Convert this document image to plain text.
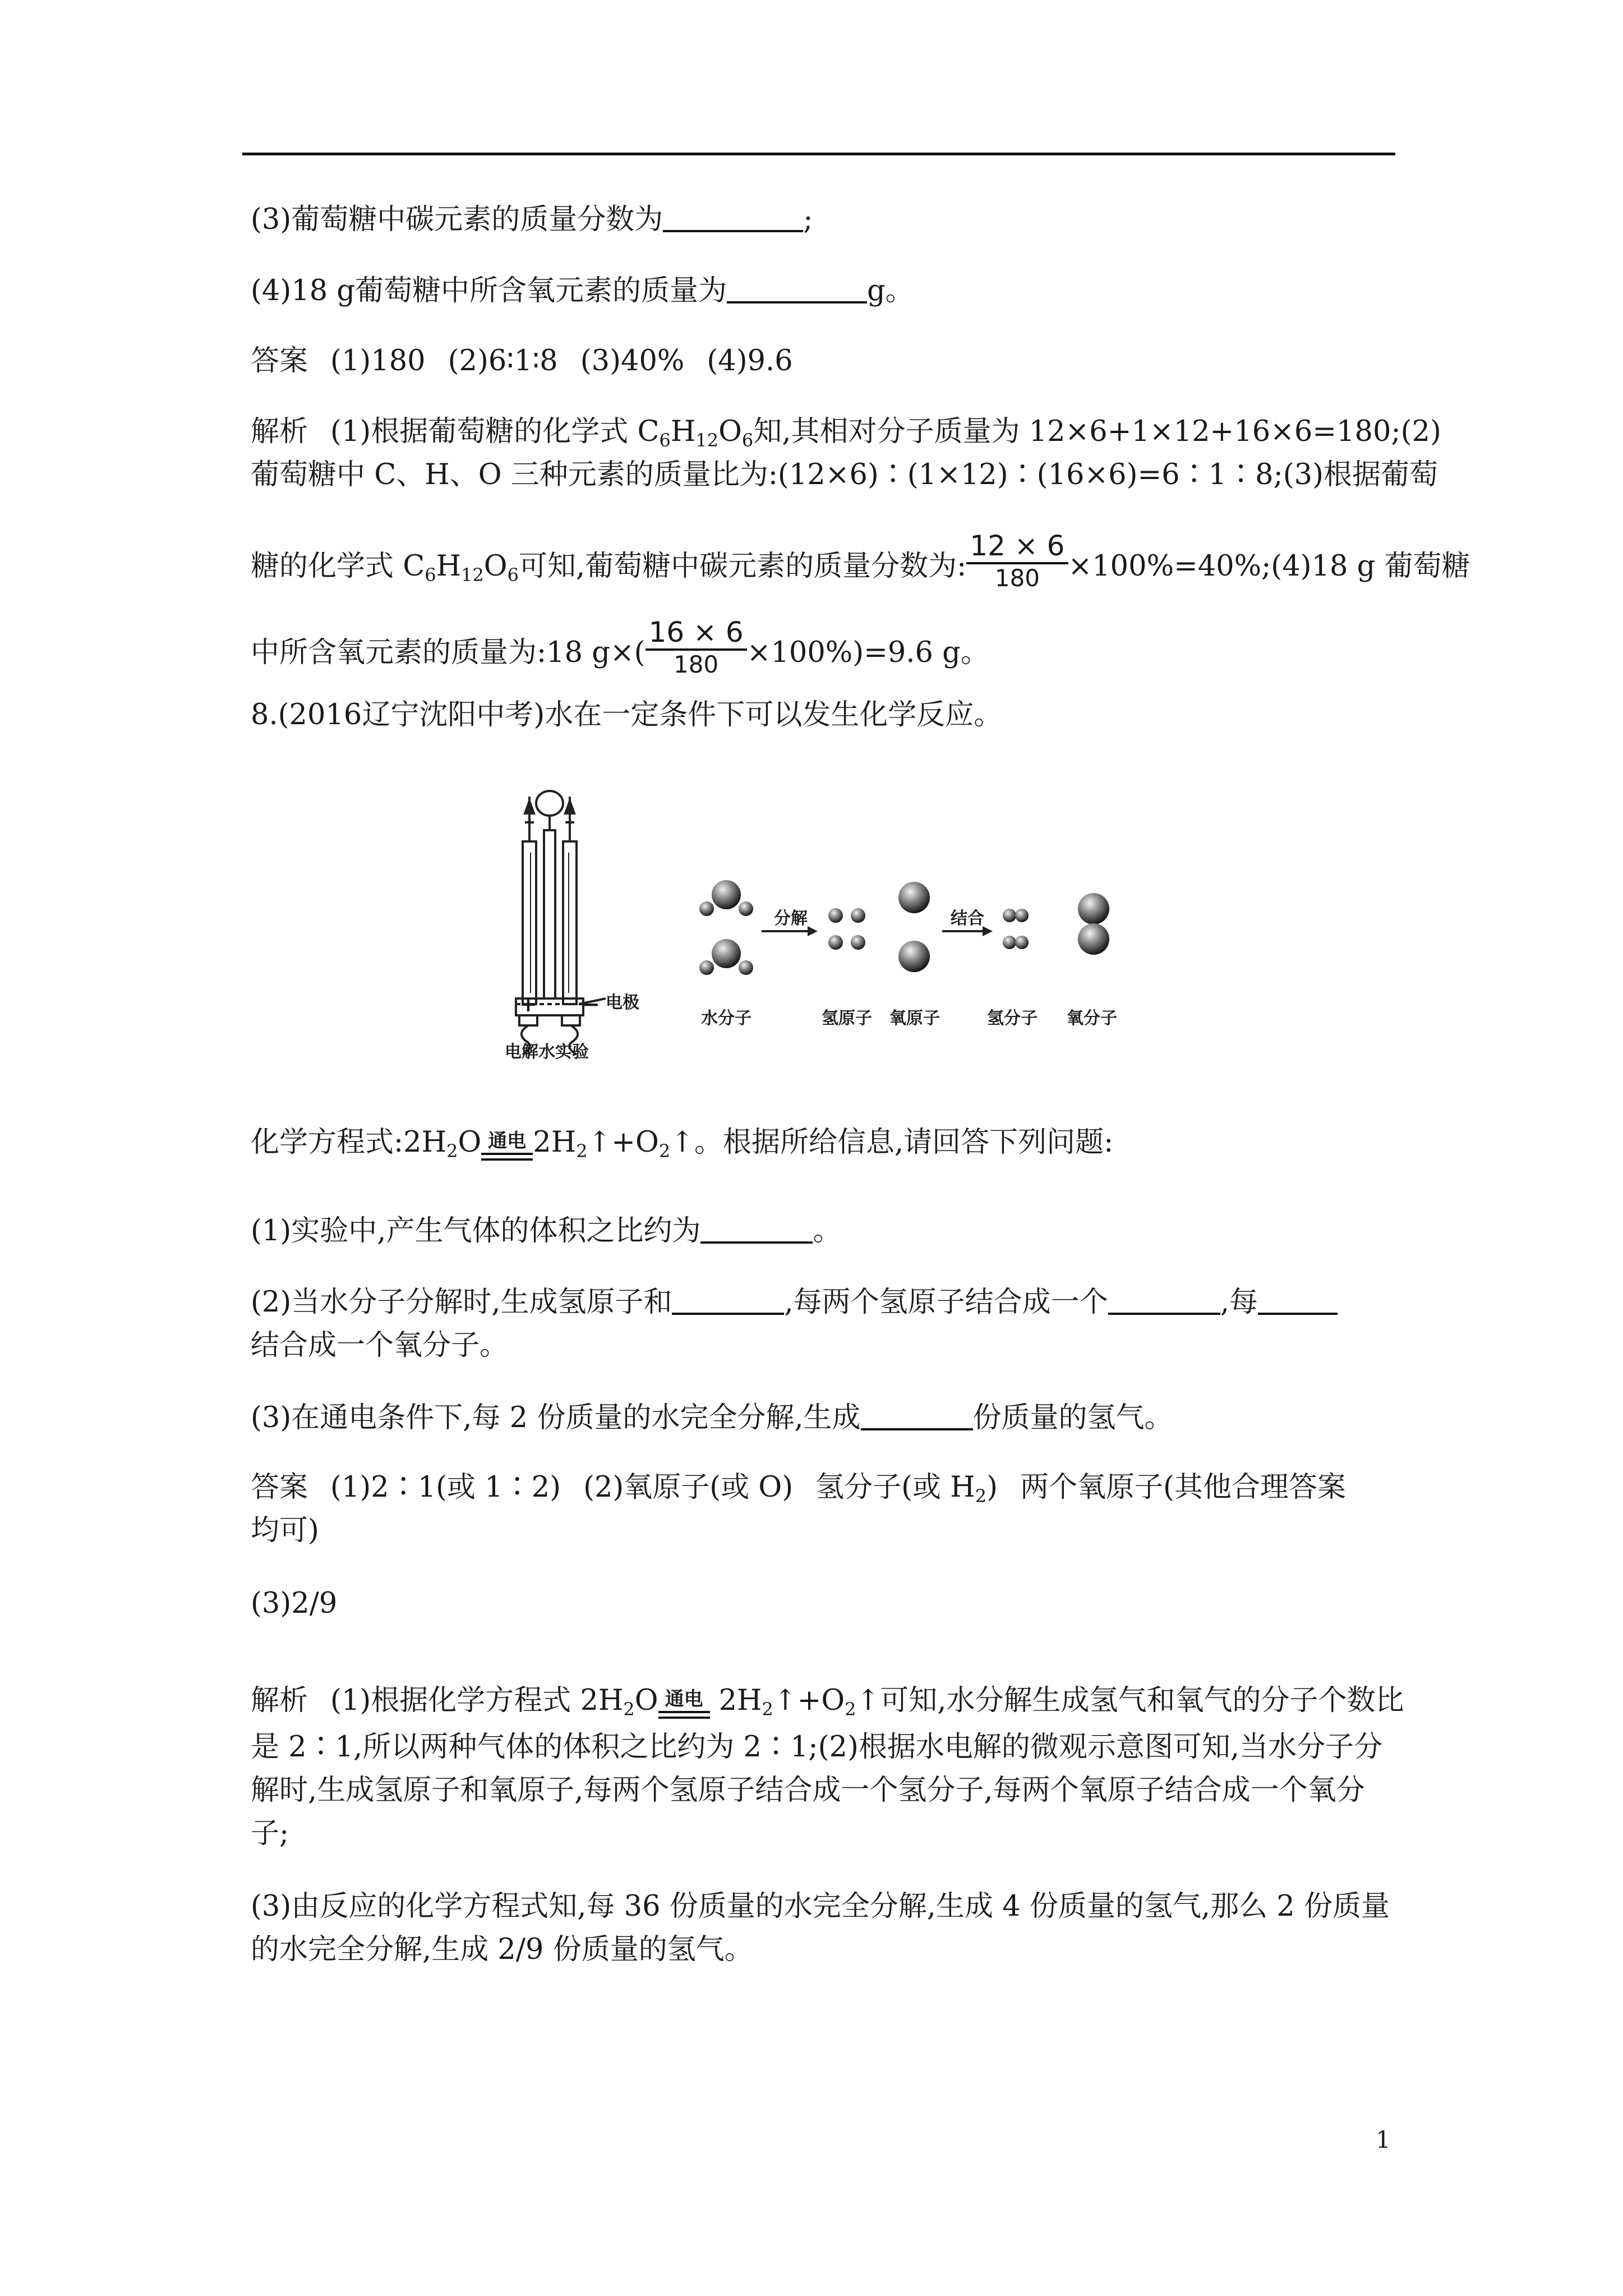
(3)葡萄糖中碳元素的质量分数为	;
(4)18 g葡萄糖中所含氧元素的质量为	g。
答案 (1)180 (2)6∶1∶8 (3)40% (4)9.6
解析 (1)根据葡萄糖的化学式 $C_6H_{12}O_6$知,其相对分子质量为 12×6+1×12+16×6=180;(2)
葡萄糖中 C、H、O 三种元素的质量比为:(12×6)∶(1×12)∶(16×6)=6∶1∶8;(3)根据葡萄
糖的化学式 $C_6H_{12}O_6$可知,葡萄糖中碳元素的质量分数为: $\frac{12 \times 6}{180}$ ×100%=40%;(4)18 g 葡萄糖
中所含氧元素的质量为:18 $g\times( \frac{16 \times 6}{180} \times 100\%)=9.6$ g。
8.(2016辽宁沈阳中考)水在一定条件下可以发生化学反应。
+ − 电极
电解水实验
分解	结合
水分子	氢原子 氧原子	氢分子 氧分子
化学方程式$:2H_2O$ 通电 $2H_2↑+O_2↑$。根据所给信息,请回答下列问题:
(1)实验中,产生气体的体积之比约为	。
(2)当水分子分解时,生成氢原子和	,每两个氢原子结合成一个	,每
结合成一个氧分子。
(3)在通电条件下,每 2 份质量的水完全分解,生成	份质量的氢气。
答案 (1)2∶1(或 1∶2) (2)氧原子(或 O) 氢分子(或 $H_2$) 两个氧原子(其他合理答案
均可)
(3)2/9
解析 (1)根据化学方程式 $2H_2O$ 通电 $2H_2↑+O_2↑$可知,水分解生成氢气和氧气的分子个数比
是 2∶1,所以两种气体的体积之比约为 2∶1;(2)根据水电解的微观示意图可知,当水分子分
解时,生成氢原子和氧原子,每两个氢原子结合成一个氢分子,每两个氧原子结合成一个氧分
子;
(3)由反应的化学方程式知,每 36 份质量的水完全分解,生成 4 份质量的氢气,那么 2 份质量
的水完全分解,生成 2/9 份质量的氢气。
1
